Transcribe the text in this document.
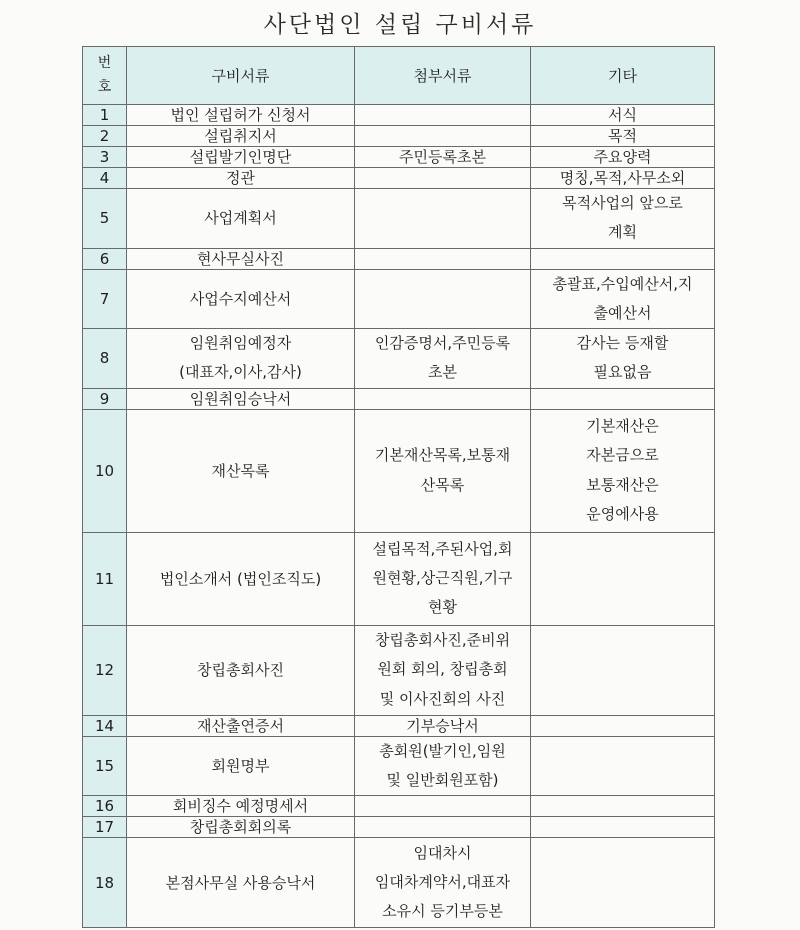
사단법인 설립 구비서류
번
호	구비서류	첨부서류	기타
1	법인 설립허가 신청서		서식
2	설립취지서		목적
3	설립발기인명단	주민등록초본	주요양력
4	정관		명칭,목적,사무소외
5	사업계획서		목적사업의 앞으로
계획
6	현사무실사진		
7	사업수지예산서		총괄표,수입예산서,지
출예산서
8	임원취임예정자
(대표자,이사,감사)	인감증명서,주민등록
초본	감사는 등재할
필요없음
9	임원취임승낙서		
10	재산목록	기본재산목록,보통재
산목록	기본재산은
자본금으로
보통재산은
운영에사용
11	법인소개서 (법인조직도)	설립목적,주된사업,회
원현황,상근직원,기구
현황	
12	창립총회사진	창립총회사진,준비위
원회 회의, 창립총회
및 이사진회의 사진	
14	재산출연증서	기부승낙서	
15	회원명부	총회원(발기인,임원
및 일반회원포함)	
16	회비징수 예정명세서		
17	창립총회회의록		
18	본점사무실 사용승낙서	임대차시
임대차계약서,대표자
소유시 등기부등본	
